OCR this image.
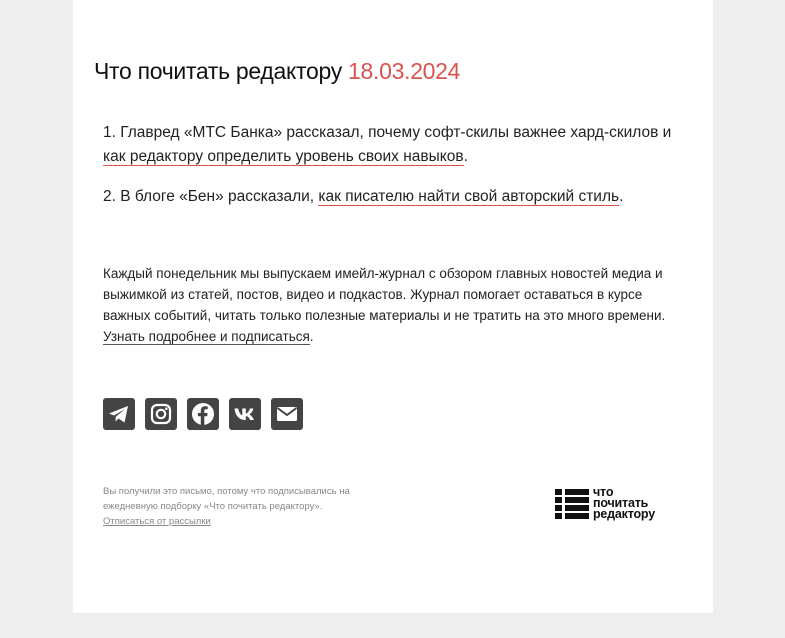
Что почитать редактору 18.03.2024
1. Главред «МТС Банка» рассказал, почему софт-скилы важнее хард-скилов и как редактору определить уровень своих навыков.
2. В блоге «Бен» рассказали, как писателю найти свой авторский стиль.

Каждый понедельник мы выпускаем имейл-журнал с обзором главных новостей медиа и выжимкой из статей, постов, видео и подкастов. Журнал помогает оставаться в курсе важных событий, читать только полезные материалы и не тратить на это много времени. Узнать подробнее и подписаться.

Вы получили это письмо, потому что подписывались на ежедневную подборку «Что почитать редактору».
Отписаться от рассылки

что
почитать
редактору
